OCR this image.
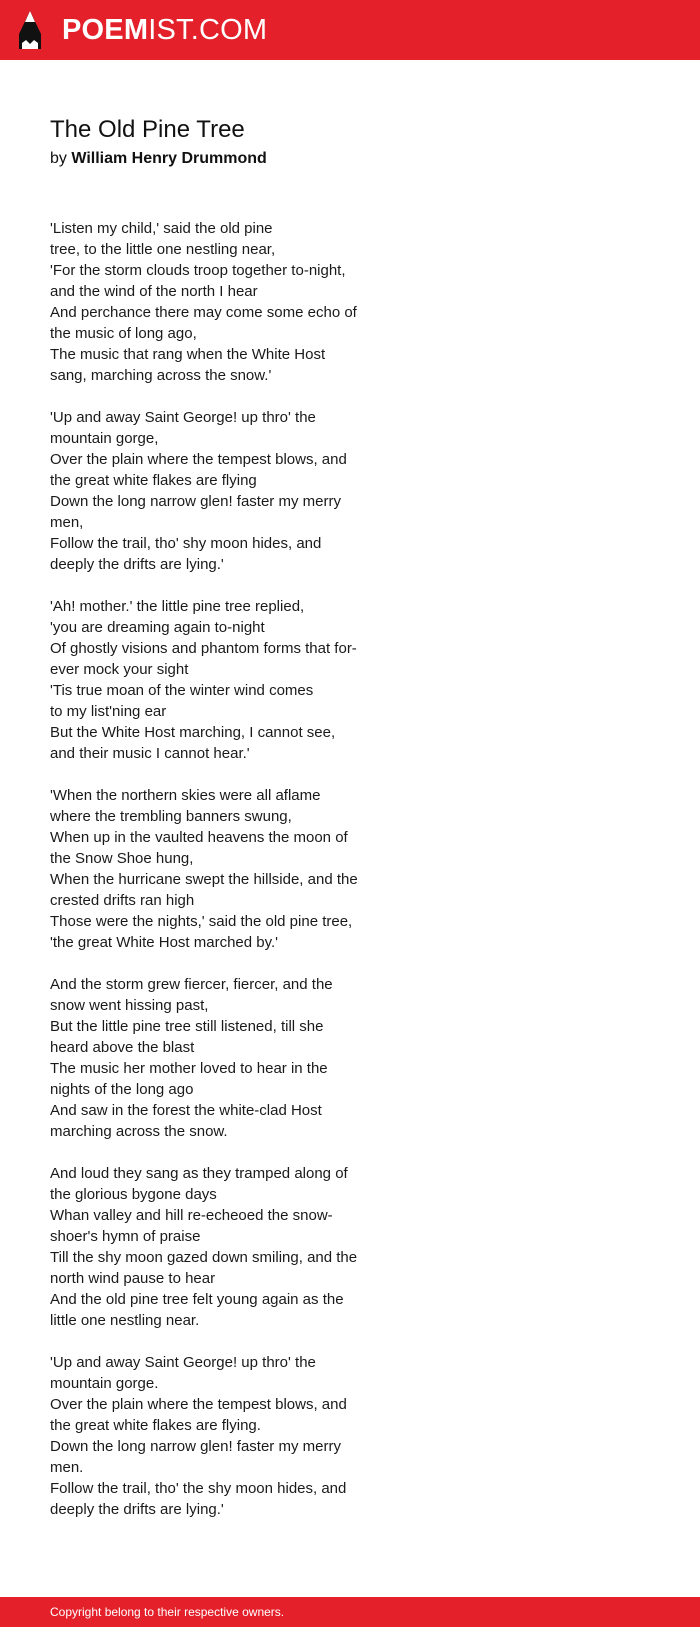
POEMIST.COM
The Old Pine Tree
by William Henry Drummond
'Listen my child,' said the old pine
tree, to the little one nestling near,
'For the storm clouds troop together to-night,
and the wind of the north I hear
And perchance there may come some echo of
the music of long ago,
The music that rang when the White Host
sang, marching across the snow.'
'Up and away Saint George! up thro' the
mountain gorge,
Over the plain where the tempest blows, and
the great white flakes are flying
Down the long narrow glen! faster my merry
men,
Follow the trail, tho' shy moon hides, and
deeply the drifts are lying.'
'Ah! mother.' the little pine tree replied,
'you are dreaming again to-night
Of ghostly visions and phantom forms that for-
ever mock your sight
'Tis true moan of the winter wind comes
to my list'ning ear
But the White Host marching, I cannot see,
and their music I cannot hear.'
'When the northern skies were all aflame
where the trembling banners swung,
When up in the vaulted heavens the moon of
the Snow Shoe hung,
When the hurricane swept the hillside, and the
crested drifts ran high
Those were the nights,' said the old pine tree,
'the great White Host marched by.'
And the storm grew fiercer, fiercer, and the
snow went hissing past,
But the little pine tree still listened, till she
heard above the blast
The music her mother loved to hear in the
nights of the long ago
And saw in the forest the white-clad Host
marching across the snow.
And loud they sang as they tramped along of
the glorious bygone days
Whan valley and hill re-echeoed the snow-
shoer's hymn of praise
Till the shy moon gazed down smiling, and the
north wind pause to hear
And the old pine tree felt young again as the
little one nestling near.
'Up and away Saint George! up thro' the
mountain gorge.
Over the plain where the tempest blows, and
the great white flakes are flying.
Down the long narrow glen! faster my merry
men.
Follow the trail, tho' the shy moon hides, and
deeply the drifts are lying.'
Copyright belong to their respective owners.
